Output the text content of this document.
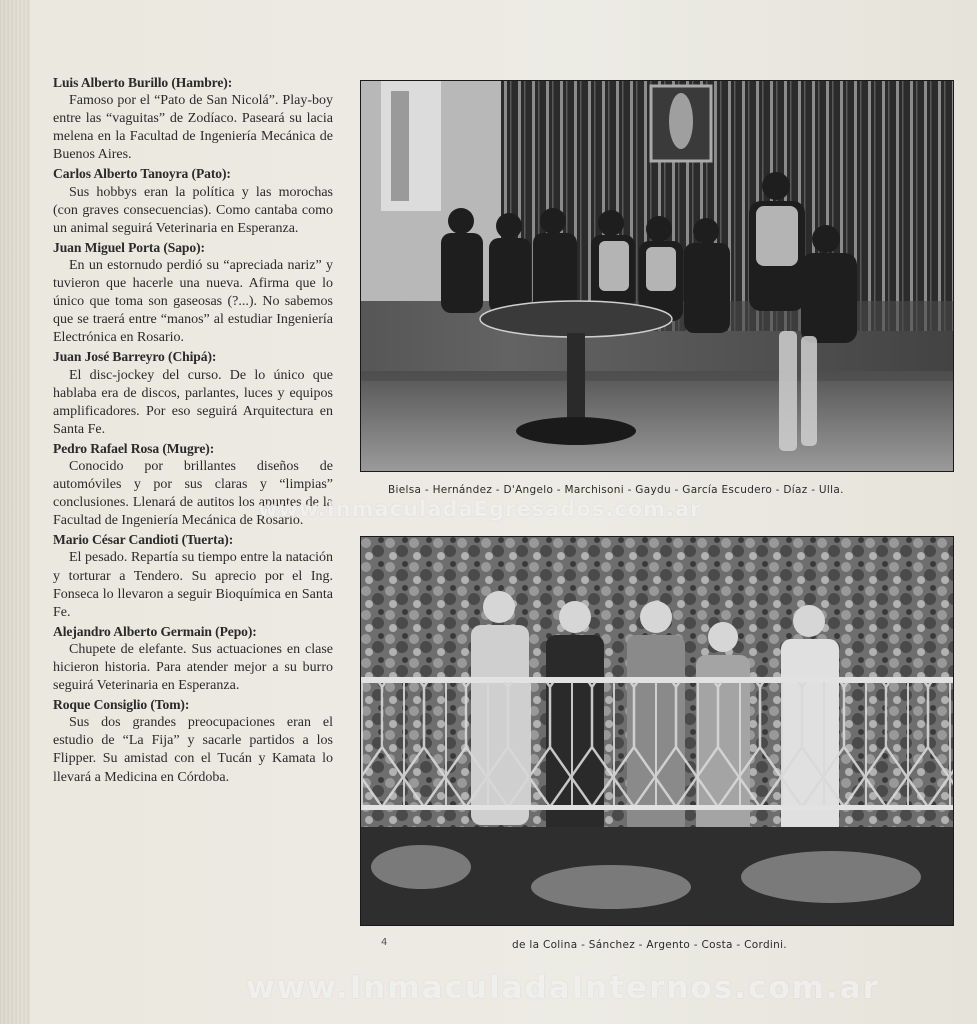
Luis Alberto Burillo (Hambre):
Famoso por el “Pato de San Nicolá”. Play-boy entre las “vaguitas” de Zodíaco. Paseará su lacia melena en la Facultad de Ingeniería Mecánica de Buenos Aires.
Carlos Alberto Tanoyra (Pato):
Sus hobbys eran la política y las morochas (con graves consecuencias). Como cantaba como un animal seguirá Veterinaria en Esperanza.
Juan Miguel Porta (Sapo):
En un estornudo perdió su “apreciada nariz” y tuvieron que hacerle una nueva. Afirma que lo único que toma son gaseosas (?...). No sabemos que se traerá entre “manos” al estudiar Ingeniería Electrónica en Rosario.
Juan José Barreyro (Chipá):
El disc-jockey del curso. De lo único que hablaba era de discos, parlantes, luces y equipos amplificadores. Por eso seguirá Arquitectura en Santa Fe.
Pedro Rafael Rosa (Mugre):
Conocido por brillantes diseños de automóviles y por sus claras y “limpias” conclusiones. Llenará de autitos los apuntes de la Facultad de Ingeniería Mecánica de Rosario.
Mario César Candioti (Tuerta):
El pesado. Repartía su tiempo entre la natación y torturar a Tendero. Su aprecio por el Ing. Fonseca lo llevaron a seguir Bioquímica en Santa Fe.
Alejandro Alberto Germain (Pepo):
Chupete de elefante. Sus actuaciones en clase hicieron historia. Para atender mejor a su burro seguirá Veterinaria en Esperanza.
Roque Consiglio (Tom):
Sus dos grandes preocupaciones eran el estudio de “La Fija” y sacarle partidos a los Flipper. Su amistad con el Tucán y Kamata lo llevará a Medicina en Córdoba.
Bielsa - Hernández - D'Angelo - Marchisoni - Gaydu - García Escudero - Díaz - Ulla.
4	de la Colina - Sánchez - Argento - Costa - Cordini.
www.InmaculadaEgresados.com.ar
www.InmaculadaInternos.com.ar
